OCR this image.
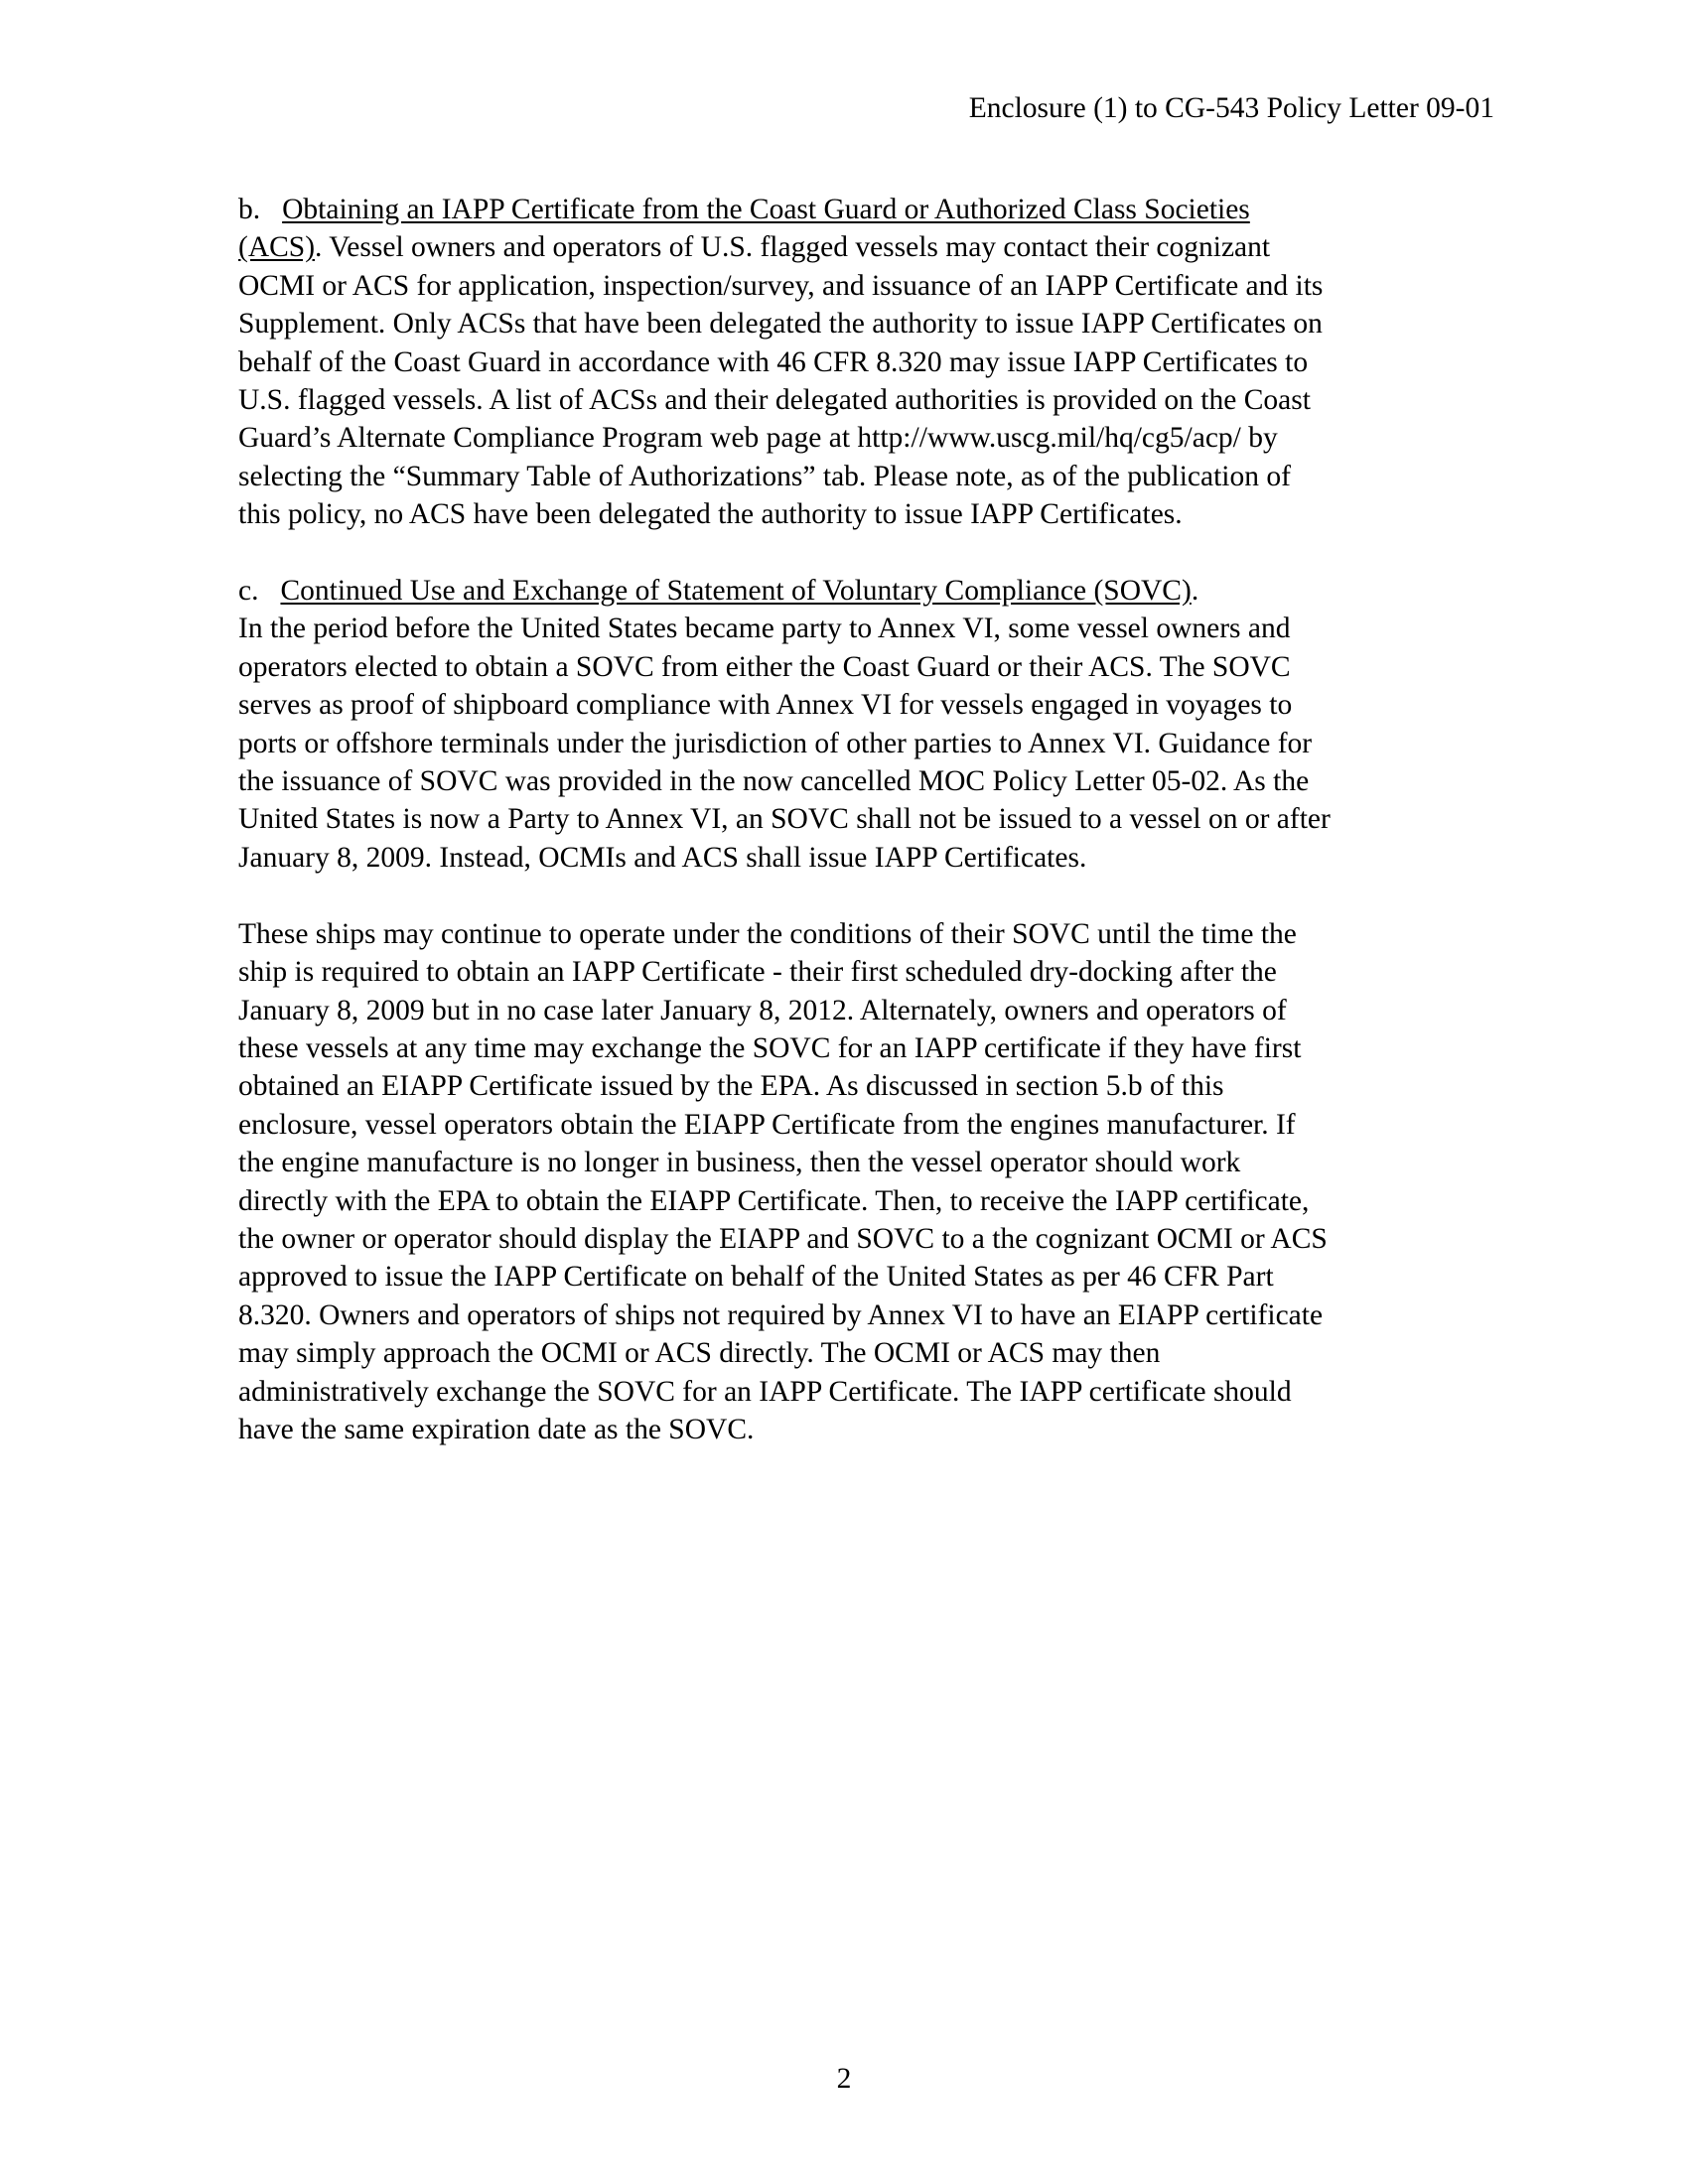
Enclosure (1) to CG-543 Policy Letter 09-01
b. Obtaining an IAPP Certificate from the Coast Guard or Authorized Class Societies
(ACS). Vessel owners and operators of U.S. flagged vessels may contact their cognizant
OCMI or ACS for application, inspection/survey, and issuance of an IAPP Certificate and its
Supplement. Only ACSs that have been delegated the authority to issue IAPP Certificates on
behalf of the Coast Guard in accordance with 46 CFR 8.320 may issue IAPP Certificates to
U.S. flagged vessels. A list of ACSs and their delegated authorities is provided on the Coast
Guard’s Alternate Compliance Program web page at http://www.uscg.mil/hq/cg5/acp/ by
selecting the “Summary Table of Authorizations” tab. Please note, as of the publication of
this policy, no ACS have been delegated the authority to issue IAPP Certificates.
c. Continued Use and Exchange of Statement of Voluntary Compliance (SOVC).
In the period before the United States became party to Annex VI, some vessel owners and
operators elected to obtain a SOVC from either the Coast Guard or their ACS. The SOVC
serves as proof of shipboard compliance with Annex VI for vessels engaged in voyages to
ports or offshore terminals under the jurisdiction of other parties to Annex VI. Guidance for
the issuance of SOVC was provided in the now cancelled MOC Policy Letter 05-02. As the
United States is now a Party to Annex VI, an SOVC shall not be issued to a vessel on or after
January 8, 2009. Instead, OCMIs and ACS shall issue IAPP Certificates.
These ships may continue to operate under the conditions of their SOVC until the time the
ship is required to obtain an IAPP Certificate - their first scheduled dry-docking after the
January 8, 2009 but in no case later January 8, 2012. Alternately, owners and operators of
these vessels at any time may exchange the SOVC for an IAPP certificate if they have first
obtained an EIAPP Certificate issued by the EPA. As discussed in section 5.b of this
enclosure, vessel operators obtain the EIAPP Certificate from the engines manufacturer. If
the engine manufacture is no longer in business, then the vessel operator should work
directly with the EPA to obtain the EIAPP Certificate. Then, to receive the IAPP certificate,
the owner or operator should display the EIAPP and SOVC to a the cognizant OCMI or ACS
approved to issue the IAPP Certificate on behalf of the United States as per 46 CFR Part
8.320. Owners and operators of ships not required by Annex VI to have an EIAPP certificate
may simply approach the OCMI or ACS directly. The OCMI or ACS may then
administratively exchange the SOVC for an IAPP Certificate. The IAPP certificate should
have the same expiration date as the SOVC.
2
